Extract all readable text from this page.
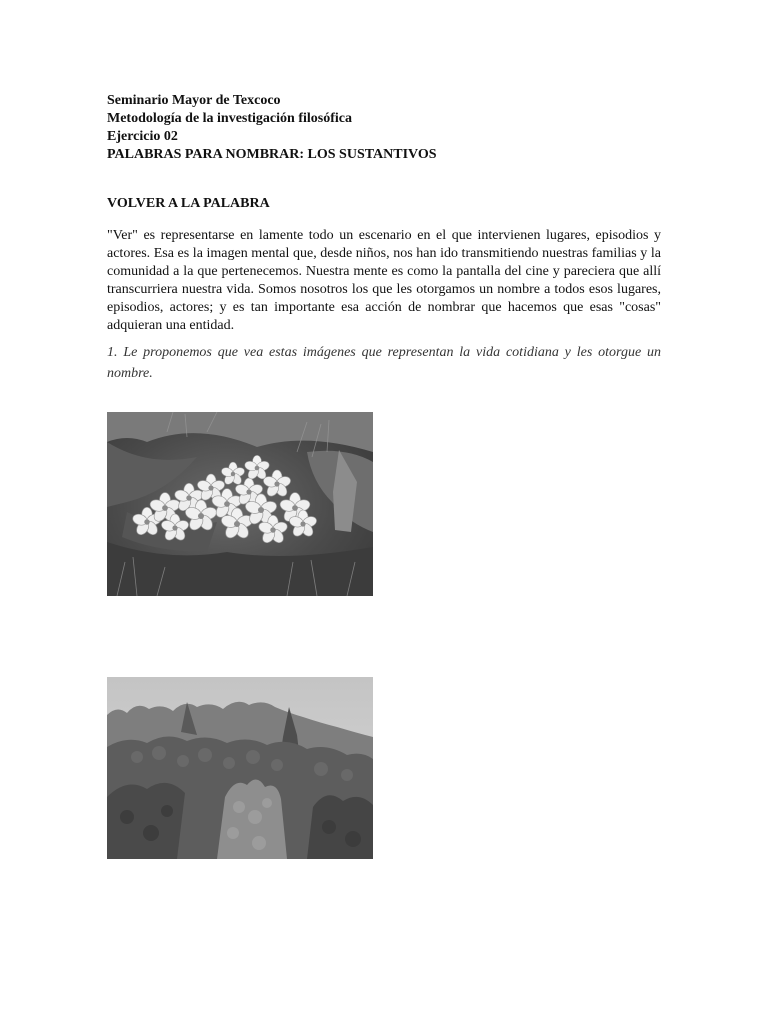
Seminario Mayor de Texcoco

Metodología de la investigación filosófica

Ejercicio 02

PALABRAS PARA NOMBRAR: LOS SUSTANTIVOS

VOLVER A LA PALABRA

"Ver" es representarse en lamente todo un escenario en el que intervienen lugares, episodios y actores. Esa es la imagen mental que, desde niños, nos han ido transmitiendo nuestras familias y la comunidad a la que pertenecemos. Nuestra mente es como la pantalla del cine y pareciera que allí transcurriera nuestra vida. Somos nosotros los que les otorgamos un nombre a todos esos lugares, episodios, actores; y es tan importante esa acción de nombrar que hacemos que esas "cosas" adquieran una entidad.

1. Le proponemos que vea estas imágenes que representan la vida cotidiana y les otorgue un nombre.
